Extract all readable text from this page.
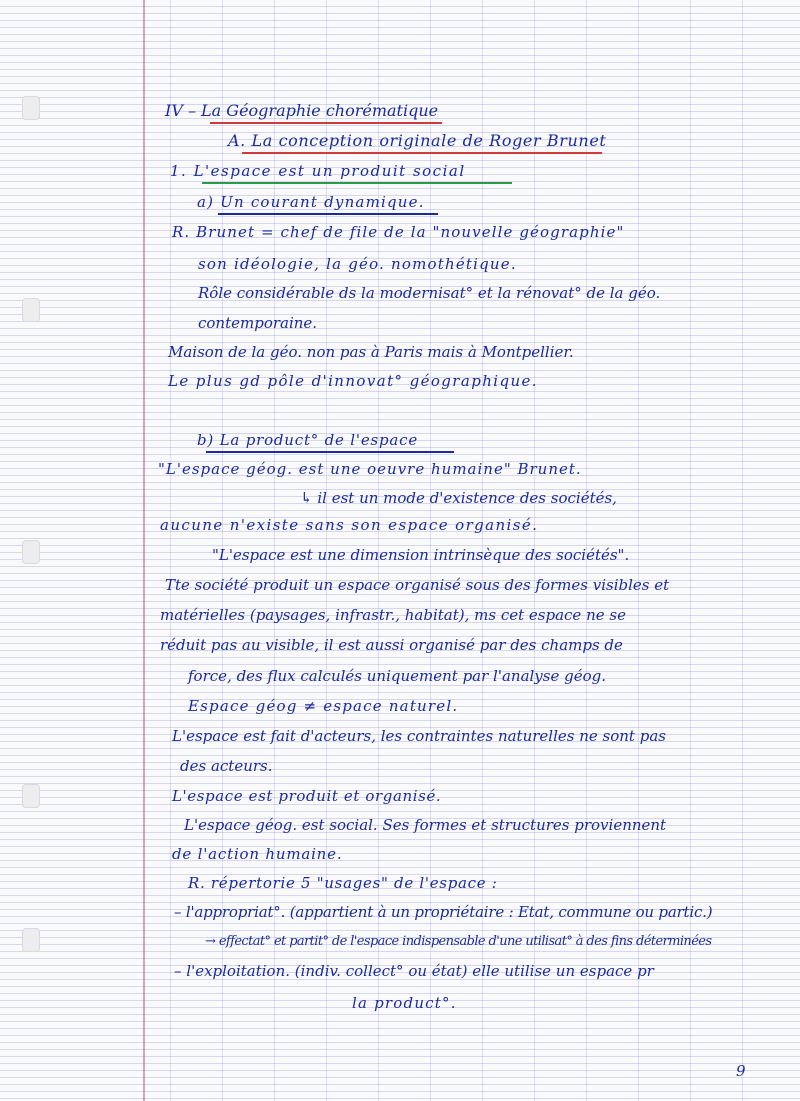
IV – La Géographie chorématique

A. La conception originale de Roger Brunet

1. L'espace est un produit social

a) Un courant dynamique.

R. Brunet = chef de file de la "nouvelle géographie"

son idéologie, la géo. nomothétique.

Rôle considérable ds la modernisat° et la rénovat° de la géo.

contemporaine.

Maison de la géo. non pas à Paris mais à Montpellier.

Le plus gd pôle d'innovat° géographique.

b) La product° de l'espace

"L'espace géog. est une oeuvre humaine" Brunet.

↳ il est un mode d'existence des sociétés,

aucune n'existe sans son espace organisé.

"L'espace est une dimension intrinsèque des sociétés".

Tte société produit un espace organisé sous des formes visibles et

matérielles (paysages, infrastr., habitat), ms cet espace ne se

réduit pas au visible, il est aussi organisé par des champs de

force, des flux calculés uniquement par l'analyse géog.

Espace géog ≠ espace naturel.

L'espace est fait d'acteurs, les contraintes naturelles ne sont pas

des acteurs.

L'espace est produit et organisé.

L'espace géog. est social. Ses formes et structures proviennent

de l'action humaine.

R. répertorie 5 "usages" de l'espace :

– l'appropriat°. (appartient à un propriétaire : Etat, commune ou partic.)

→ effectat° et partit° de l'espace indispensable d'une utilisat° à des fins déterminées

– l'exploitation. (indiv. collect° ou état) elle utilise un espace pr

la product°.

9
